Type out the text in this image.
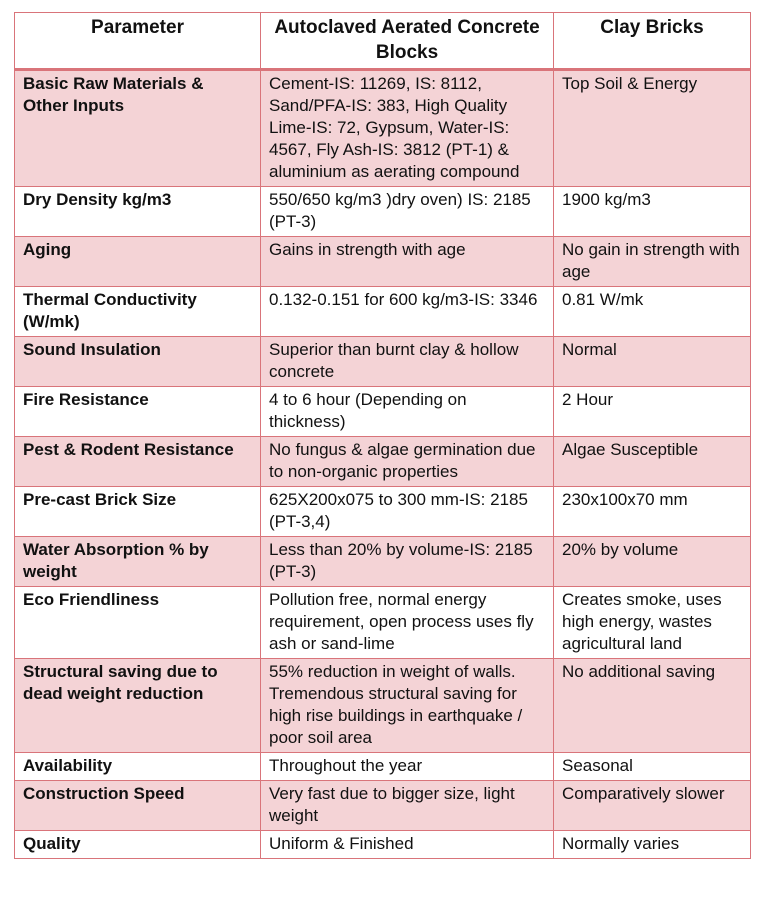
Parameter	Autoclaved Aerated Concrete Blocks	Clay Bricks
Basic Raw Materials & Other Inputs	Cement-IS: 11269, IS: 8112, Sand/PFA-IS: 383, High Quality Lime-IS: 72, Gypsum, Water-IS: 4567, Fly Ash-IS: 3812 (PT-1) & aluminium as aerating compound	Top Soil & Energy
Dry Density kg/m3	550/650 kg/m3 )dry oven) IS: 2185 (PT-3)	1900 kg/m3
Aging	Gains in strength with age	No gain in strength with age
Thermal Conductivity (W/mk)	0.132-0.151 for 600 kg/m3-IS: 3346	0.81 W/mk
Sound Insulation	Superior than burnt clay & hollow concrete	Normal
Fire Resistance	4 to 6 hour (Depending on thickness)	2 Hour
Pest & Rodent Resistance	No fungus & algae germination due to non-organic properties	Algae Susceptible
Pre-cast Brick Size	625X200x075 to 300 mm-IS: 2185 (PT-3,4)	230x100x70 mm
Water Absorption % by weight	Less than 20% by volume-IS: 2185 (PT-3)	20% by volume
Eco Friendliness	Pollution free, normal energy requirement, open process uses fly ash or sand-lime	Creates smoke, uses high energy, wastes agricultural land
Structural saving due to dead weight reduction	55% reduction in weight of walls. Tremendous structural saving for high rise buildings in earthquake / poor soil area	No additional saving
Availability	Throughout the year	Seasonal
Construction Speed	Very fast due to bigger size, light weight	Comparatively slower
Quality	Uniform & Finished	Normally varies
